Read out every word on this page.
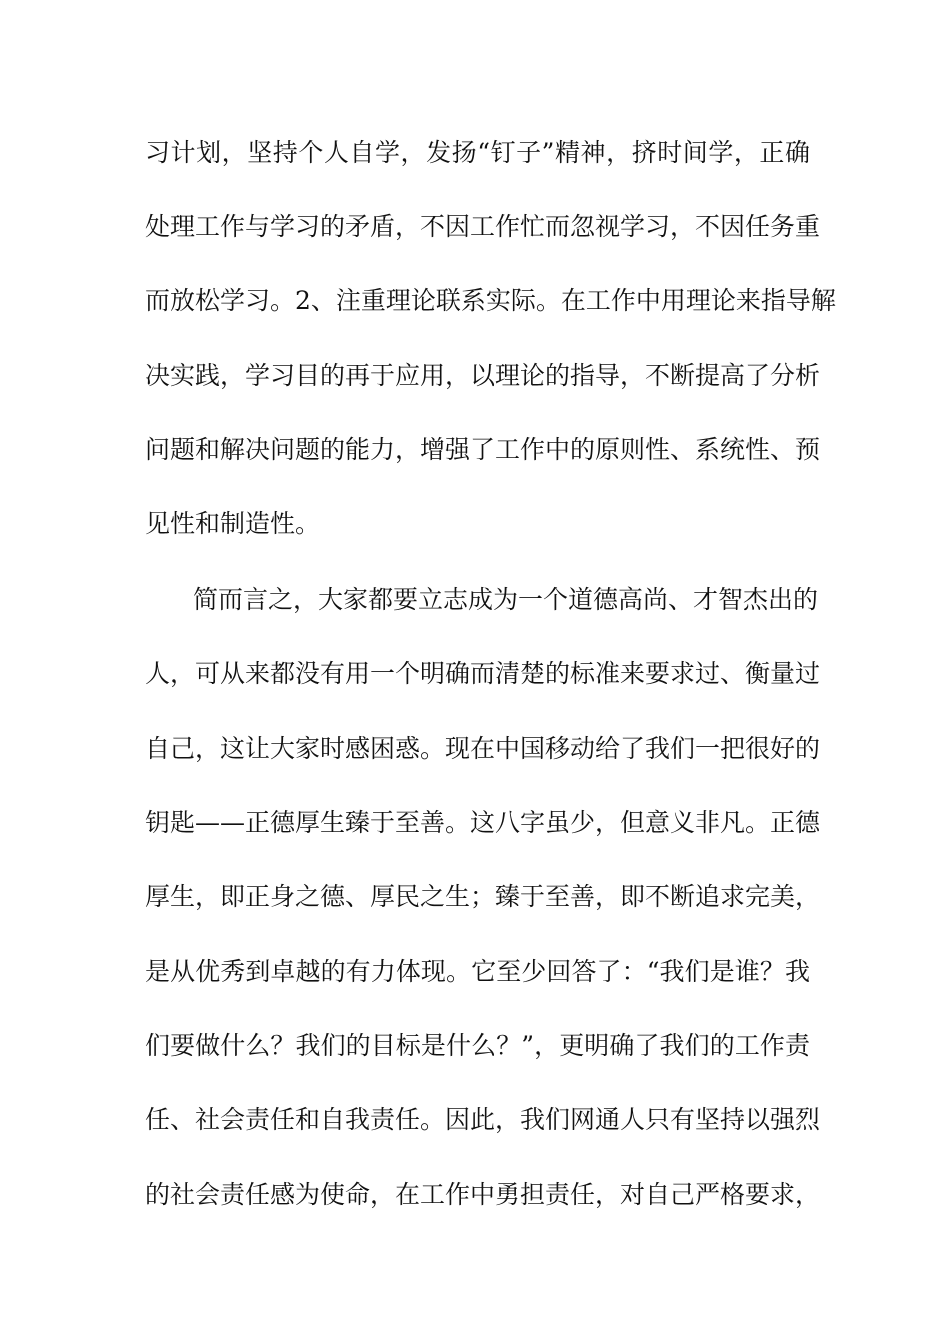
习计划，坚持个人自学，发扬“钉子”精神，挤时间学，正确
处理工作与学习的矛盾，不因工作忙而忽视学习，不因任务重
而放松学习。2、注重理论联系实际。在工作中用理论来指导解
决实践，学习目的再于应用，以理论的指导，不断提高了分析
问题和解决问题的能力，增强了工作中的原则性、系统性、预
见性和制造性。
简而言之，大家都要立志成为一个道德高尚、才智杰出的
人，可从来都没有用一个明确而清楚的标准来要求过、衡量过
自己，这让大家时感困惑。现在中国移动给了我们一把很好的
钥匙——正德厚生臻于至善。这八字虽少，但意义非凡。正德
厚生，即正身之德、厚民之生；臻于至善，即不断追求完美，
是从优秀到卓越的有力体现。它至少回答了：“我们是谁？我
们要做什么？我们的目标是什么？”，更明确了我们的工作责
任、社会责任和自我责任。因此，我们网通人只有坚持以强烈
的社会责任感为使命，在工作中勇担责任，对自己严格要求，
